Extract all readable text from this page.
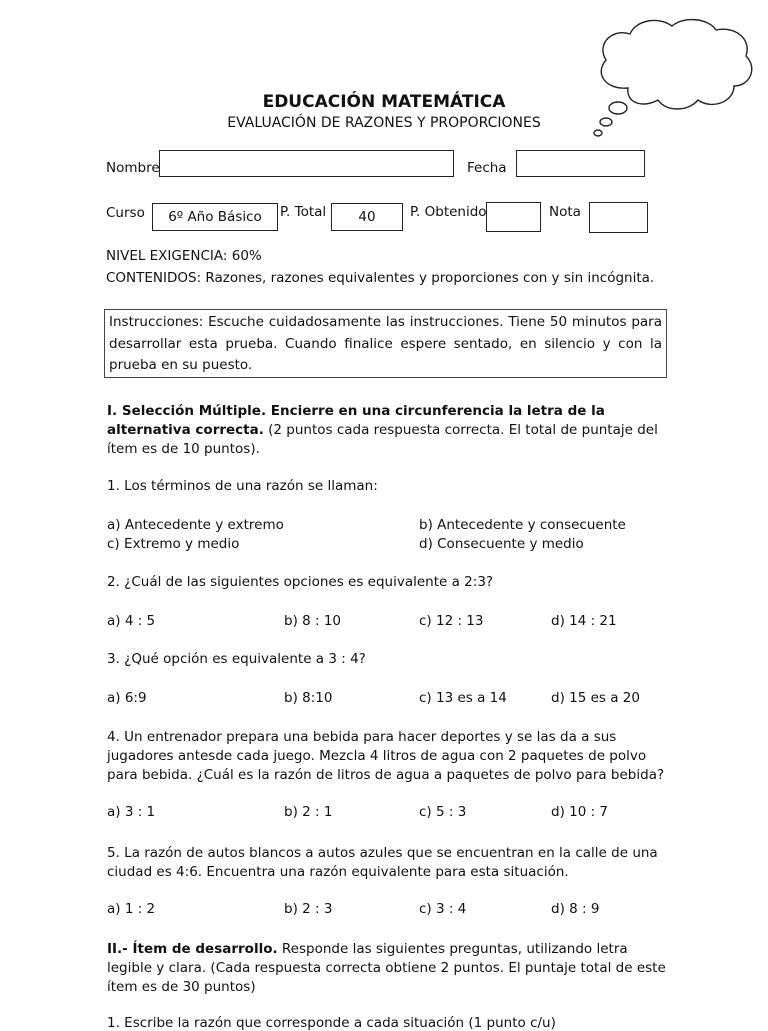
EDUCACIÓN MATEMÁTICA
EVALUACIÓN DE RAZONES Y PROPORCIONES
Nombre	Fecha
Curso	6º Año Básico	P. Total	40	P. Obtenido	Nota
NIVEL EXIGENCIA: 60%
CONTENIDOS: Razones, razones equivalentes y proporciones con y sin incógnita.
Instrucciones: Escuche cuidadosamente las instrucciones. Tiene 50 minutos para desarrollar esta prueba. Cuando finalice espere sentado, en silencio y con la prueba en su puesto.
I. Selección Múltiple. Encierre en una circunferencia la letra de la alternativa correcta. (2 puntos cada respuesta correcta. El total de puntaje del ítem es de 10 puntos).
1. Los términos de una razón se llaman:
a) Antecedente y extremo	b) Antecedente y consecuente
c) Extremo y medio	d) Consecuente y medio
2. ¿Cuál de las siguientes opciones es equivalente a 2:3?
a) 4 : 5	b) 8 : 10	c) 12 : 13	d) 14 : 21
3. ¿Qué opción es equivalente a 3 : 4?
a) 6:9	b) 8:10	c) 13 es a 14	d) 15 es a 20
4. Un entrenador prepara una bebida para hacer deportes y se las da a sus jugadores antesde cada juego. Mezcla 4 litros de agua con 2 paquetes de polvo para bebida. ¿Cuál es la razón de litros de agua a paquetes de polvo para bebida?
a) 3 : 1	b) 2 : 1	c) 5 : 3	d) 10 : 7
5. La razón de autos blancos a autos azules que se encuentran en la calle de una ciudad es 4:6. Encuentra una razón equivalente para esta situación.
a) 1 : 2	b) 2 : 3	c) 3 : 4	d) 8 : 9
II.- Ítem de desarrollo. Responde las siguientes preguntas, utilizando letra legible y clara. (Cada respuesta correcta obtiene 2 puntos. El puntaje total de este ítem es de 30 puntos)
1. Escribe la razón que corresponde a cada situación (1 punto c/u)
